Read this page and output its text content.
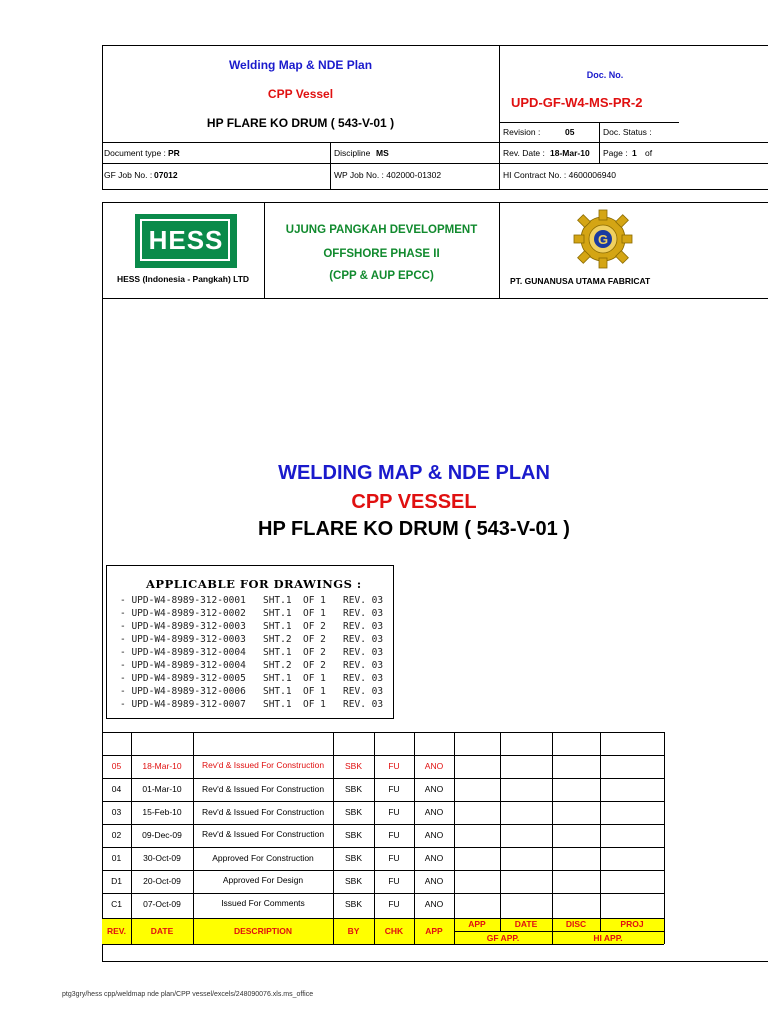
Welding Map & NDE Plan
CPP Vessel
HP FLARE KO DRUM ( 543-V-01 )
Doc. No.
UPD-GF-W4-MS-PR-2
Revision :	05	Doc. Status :
Document type : PR	Discipline MS	Rev. Date : 18-Mar-10 Page : 1 of
GF Job No. : 07012	WP Job No. : 402000-01302	HI Contract No. : 4600006940
HESS
HESS (Indonesia - Pangkah) LTD
UJUNG PANGKAH DEVELOPMENT
OFFSHORE PHASE II
(CPP & AUP EPCC)
G
PT. GUNANUSA UTAMA FABRICAT
WELDING MAP & NDE PLAN
CPP VESSEL
HP FLARE KO DRUM ( 543-V-01 )
APPLICABLE FOR DRAWINGS :
- UPD-W4-8989-312-0001   SHT.1  OF 1   REV. 03
- UPD-W4-8989-312-0002   SHT.1  OF 1   REV. 03
- UPD-W4-8989-312-0003   SHT.1  OF 2   REV. 03
- UPD-W4-8989-312-0003   SHT.2  OF 2   REV. 03
- UPD-W4-8989-312-0004   SHT.1  OF 2   REV. 03
- UPD-W4-8989-312-0004   SHT.2  OF 2   REV. 03
- UPD-W4-8989-312-0005   SHT.1  OF 1   REV. 03
- UPD-W4-8989-312-0006   SHT.1  OF 1   REV. 03
- UPD-W4-8989-312-0007   SHT.1  OF 1   REV. 03
05	18-Mar-10	Rev'd & Issued For Construction	SBK	FU	ANO
04	01-Mar-10	Rev'd & Issued For Construction	SBK	FU	ANO
03	15-Feb-10	Rev'd & Issued For Construction	SBK	FU	ANO
02	09-Dec-09	Rev'd & Issued For Construction	SBK	FU	ANO
01	30-Oct-09	Approved For Construction	SBK	FU	ANO
D1	20-Oct-09	Approved For Design	SBK	FU	ANO
C1	07-Oct-09	Issued For Comments	SBK	FU	ANO
REV.	DATE	DESCRIPTION	BY	CHK	APP
APP	DATE	DISC	PROJ
GF APP.	HI APP.
ptg3gry/hess cpp/weldmap nde plan/CPP vessel/excels/248090076.xls.ms_office
